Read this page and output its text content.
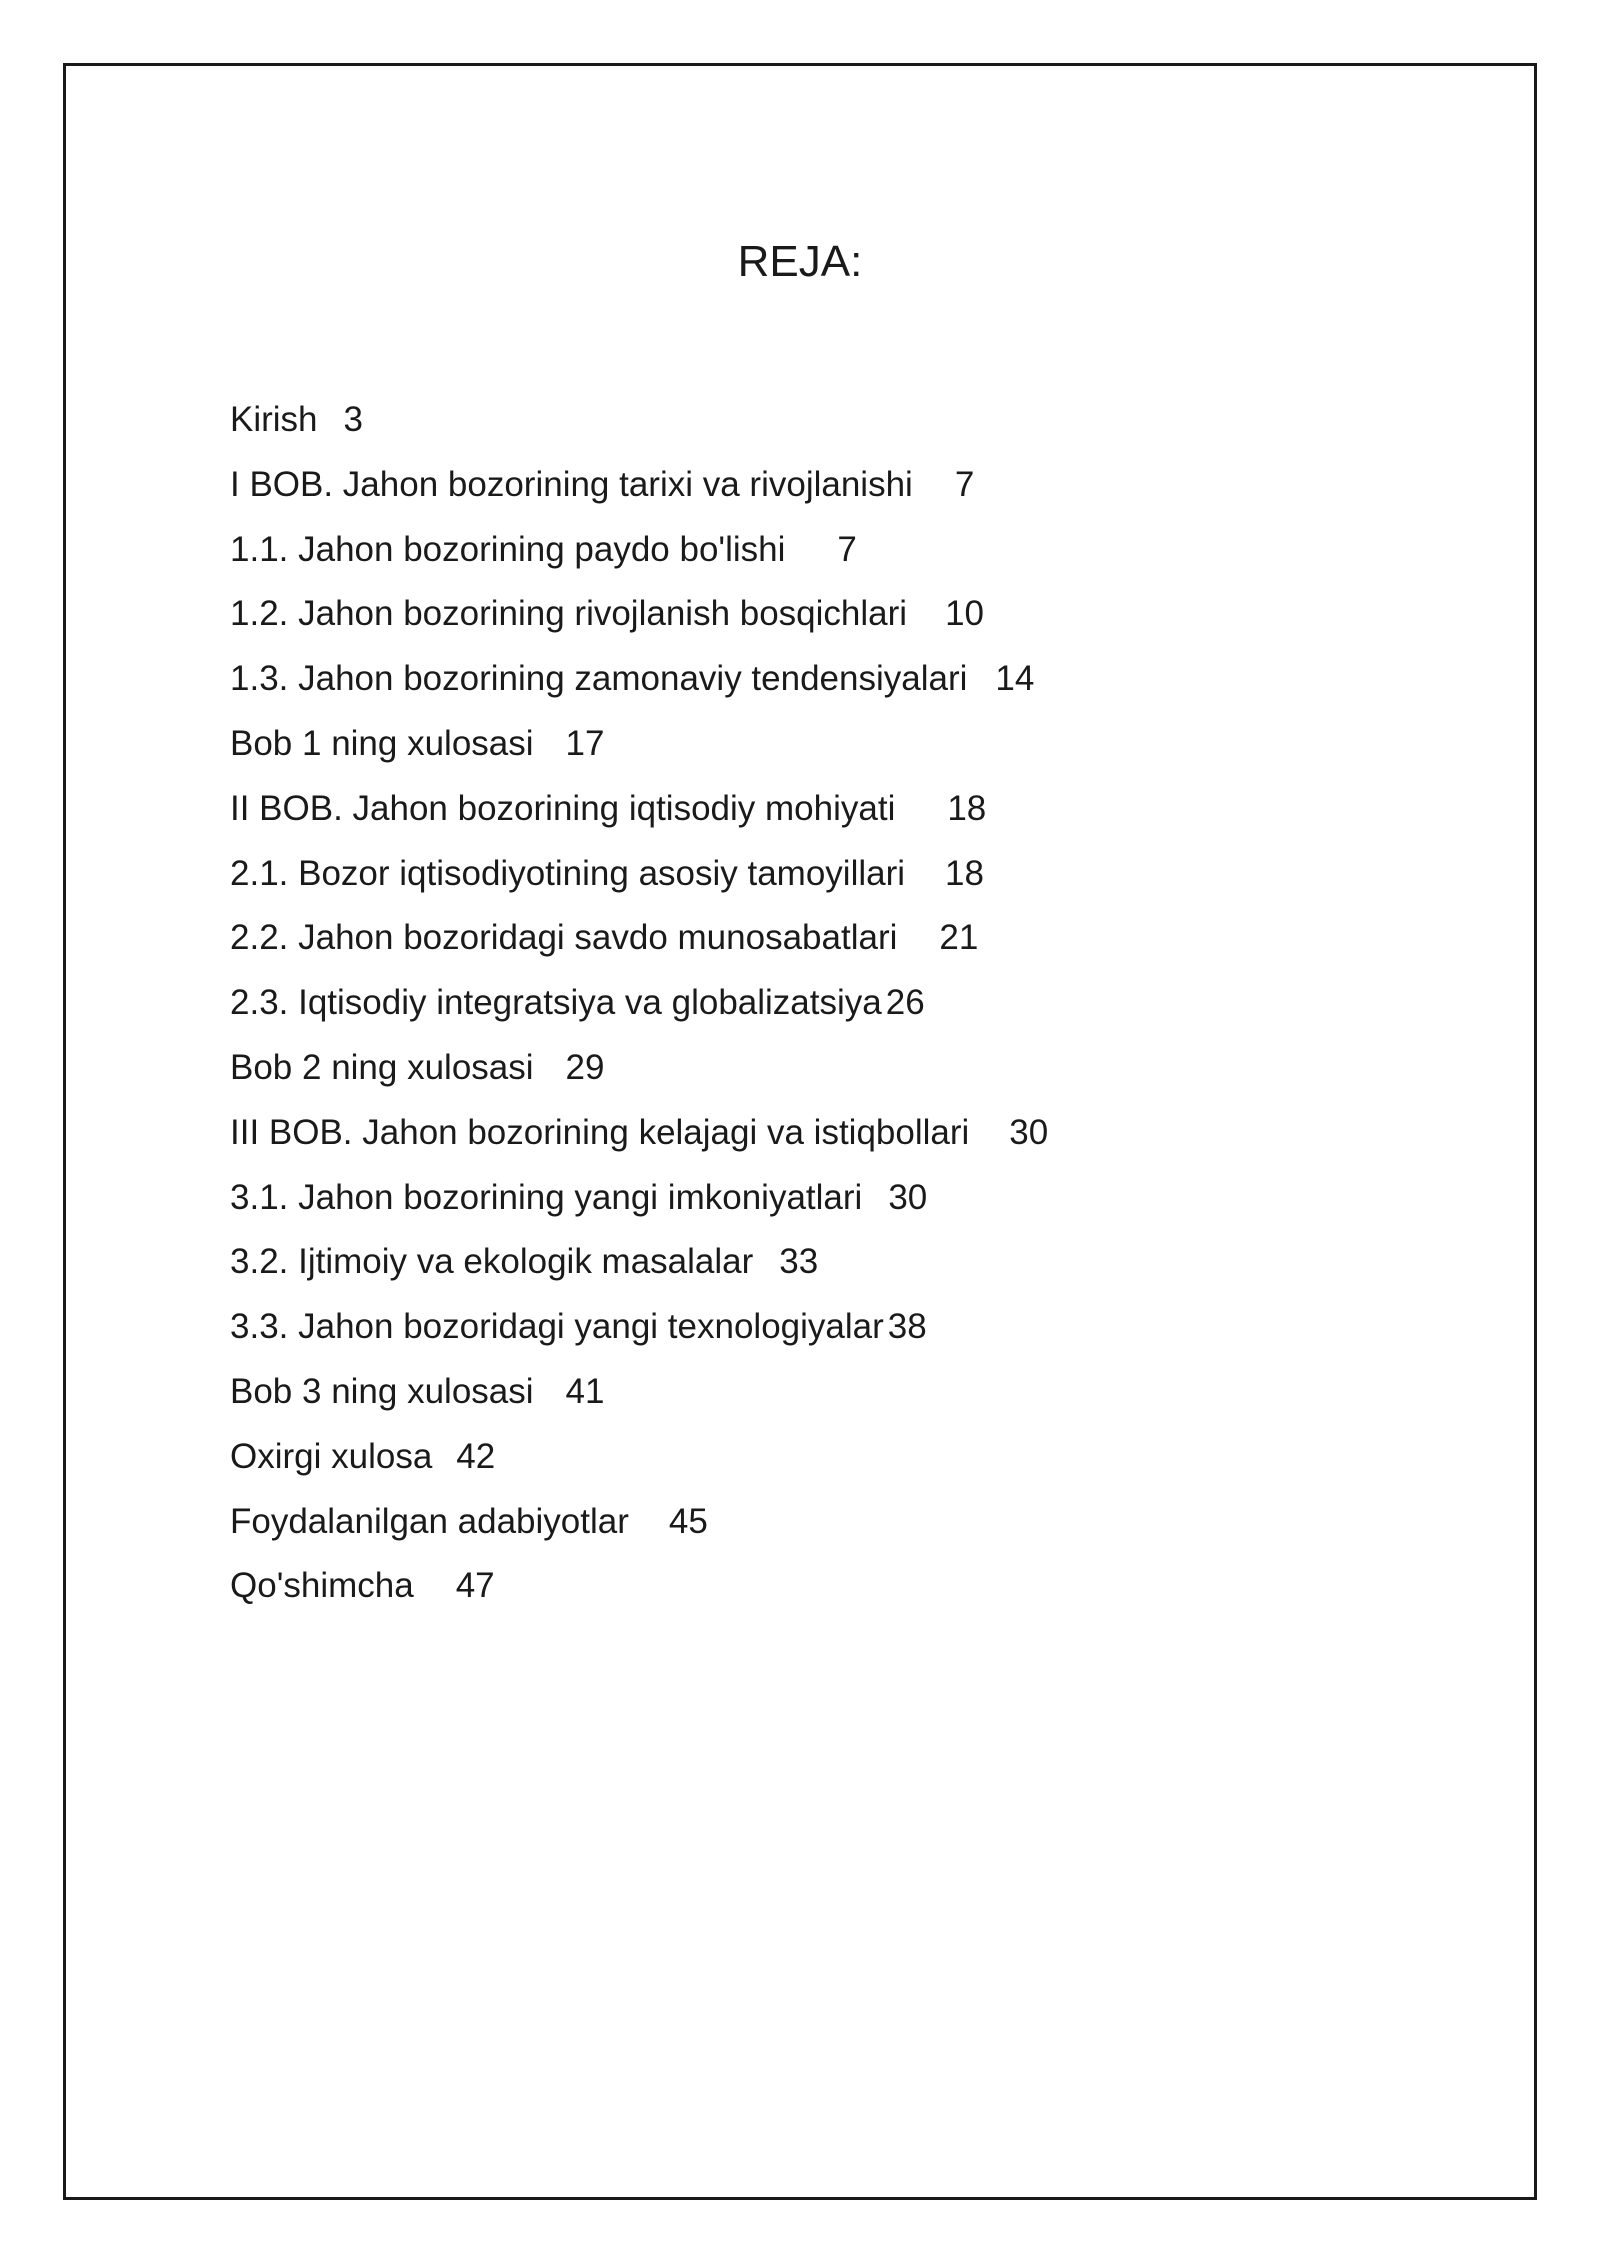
REJA:
Kirish 3
I BOB. Jahon bozorining tarixi va rivojlanishi 7
1.1. Jahon bozorining paydo bo'lishi 7
1.2. Jahon bozorining rivojlanish bosqichlari 10
1.3. Jahon bozorining zamonaviy tendensiyalari 14
Bob 1 ning xulosasi 17
II BOB. Jahon bozorining iqtisodiy mohiyati 18
2.1. Bozor iqtisodiyotining asosiy tamoyillari 18
2.2. Jahon bozoridagi savdo munosabatlari 21
2.3. Iqtisodiy integratsiya va globalizatsiya 26
Bob 2 ning xulosasi 29
III BOB. Jahon bozorining kelajagi va istiqbollari 30
3.1. Jahon bozorining yangi imkoniyatlari 30
3.2. Ijtimoiy va ekologik masalalar 33
3.3. Jahon bozoridagi yangi texnologiyalar 38
Bob 3 ning xulosasi 41
Oxirgi xulosa 42
Foydalanilgan adabiyotlar 45
Qo'shimcha 47
